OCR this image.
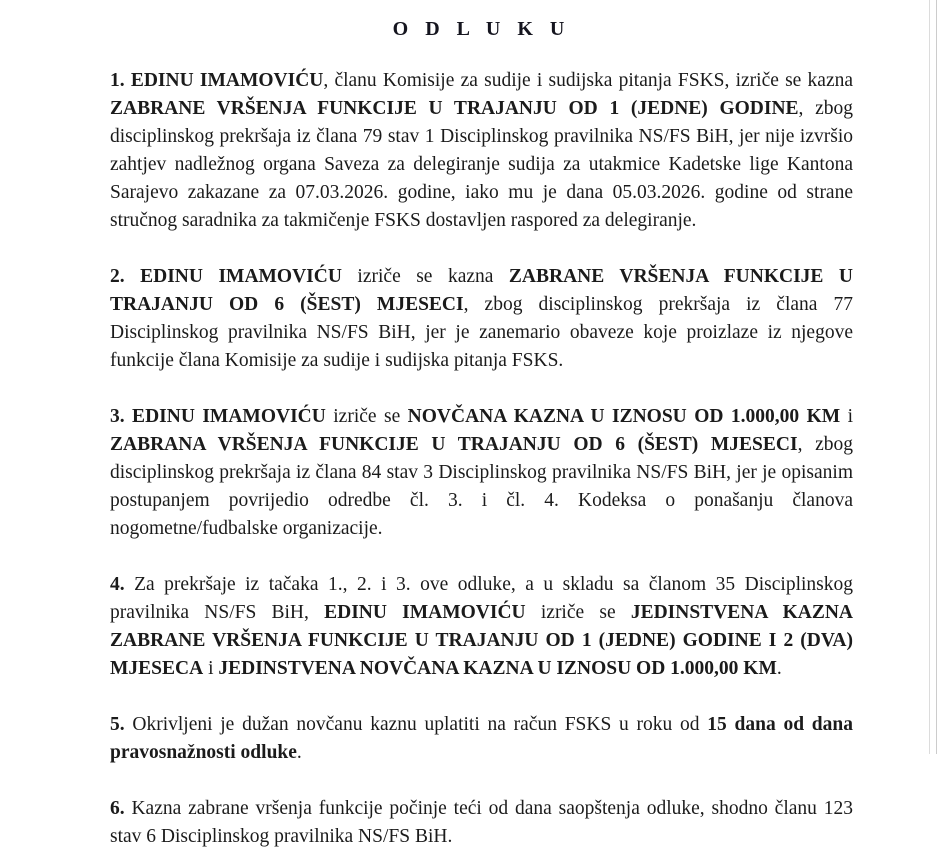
O D L U K U

1. EDINU IMAMOVIĆU, članu Komisije za sudije i sudijska pitanja FSKS, izriče se kazna ZABRANE VRŠENJA FUNKCIJE U TRAJANJU OD 1 (JEDNE) GODINE, zbog disciplinskog prekršaja iz člana 79 stav 1 Disciplinskog pravilnika NS/FS BiH, jer nije izvršio zahtjev nadležnog organa Saveza za delegiranje sudija za utakmice Kadetske lige Kantona Sarajevo zakazane za 07.03.2026. godine, iako mu je dana 05.03.2026. godine od strane stručnog saradnika za takmičenje FSKS dostavljen raspored za delegiranje.

2. EDINU IMAMOVIĆU izriče se kazna ZABRANE VRŠENJA FUNKCIJE U TRAJANJU OD 6 (ŠEST) MJESECI, zbog disciplinskog prekršaja iz člana 77 Disciplinskog pravilnika NS/FS BiH, jer je zanemario obaveze koje proizlaze iz njegove funkcije člana Komisije za sudije i sudijska pitanja FSKS.

3. EDINU IMAMOVIĆU izriče se NOVČANA KAZNA U IZNOSU OD 1.000,00 KM i ZABRANA VRŠENJA FUNKCIJE U TRAJANJU OD 6 (ŠEST) MJESECI, zbog disciplinskog prekršaja iz člana 84 stav 3 Disciplinskog pravilnika NS/FS BiH, jer je opisanim postupanjem povrijedio odredbe čl. 3. i čl. 4. Kodeksa o ponašanju članova nogometne/fudbalske organizacije.

4. Za prekršaje iz tačaka 1., 2. i 3. ove odluke, a u skladu sa članom 35 Disciplinskog pravilnika NS/FS BiH, EDINU IMAMOVIĆU izriče se JEDINSTVENA KAZNA ZABRANE VRŠENJA FUNKCIJE U TRAJANJU OD 1 (JEDNE) GODINE I 2 (DVA) MJESECA i JEDINSTVENA NOVČANA KAZNA U IZNOSU OD 1.000,00 KM.

5. Okrivljeni je dužan novčanu kaznu uplatiti na račun FSKS u roku od 15 dana od dana pravosnažnosti odluke.

6. Kazna zabrane vršenja funkcije počinje teći od dana saopštenja odluke, shodno članu 123 stav 6 Disciplinskog pravilnika NS/FS BiH.
